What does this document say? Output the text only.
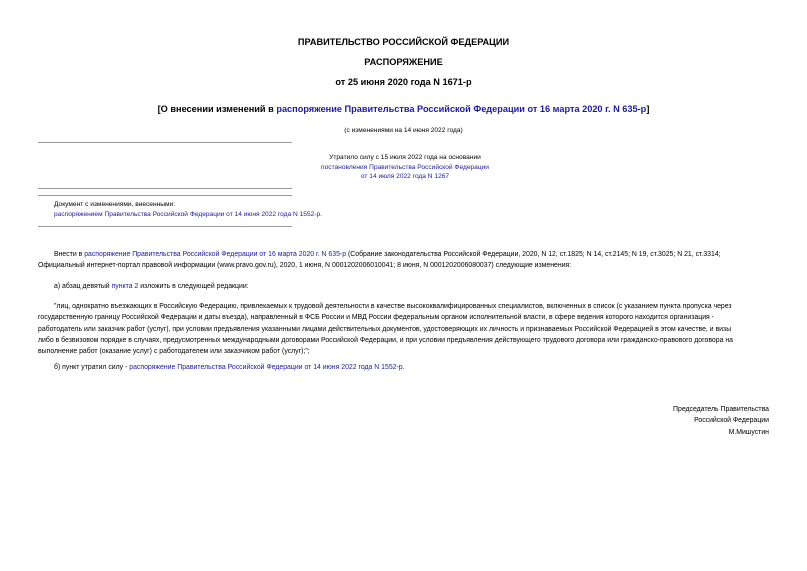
ПРАВИТЕЛЬСТВО РОССИЙСКОЙ ФЕДЕРАЦИИ
РАСПОРЯЖЕНИЕ
от 25 июня 2020 года N 1671-р
[О внесении изменений в распоряжение Правительства Российской Федерации от 16 марта 2020 г. N 635-р]
(с изменениями на 14 июня 2022 года)
Утратило силу с 15 июля 2022 года на основании
постановления Правительства Российской Федерации
от 14 июля 2022 года N 1267
Документ с изменениями, внесенными:
распоряжением Правительства Российской Федерации от 14 июня 2022 года N 1552-р.
Внести в распоряжение Правительства Российской Федерации от 16 марта 2020 г. N 635-р (Собрание законодательства Российской Федерации, 2020, N 12, ст.1825; N 14, ст.2145; N 19, ст.3025; N 21, ст.3314;
Официальный интернет-портал правовой информации (www.pravo.gov.ru), 2020, 1 июня, N 0001202006010041; 8 июня, N 0001202006080037) следующие изменения:
а) абзац девятый пункта 2 изложить в следующей редакции:
"лиц, однократно въезжающих в Российскую Федерацию, привлекаемых к трудовой деятельности в качестве высококвалифицированных специалистов, включенных в список (с указанием пункта пропуска через
государственную границу Российской Федерации и даты въезда), направленный в ФСБ России и МВД России федеральным органом исполнительной власти, в сфере ведения которого находится организация -
работодатель или заказчик работ (услуг), при условии предъявления указанными лицами действительных документов, удостоверяющих их личность и признаваемых Российской Федерацией в этом качестве, и визы
либо в безвизовом порядке в случаях, предусмотренных международными договорами Российской Федерации, и при условии предъявления действующего трудового договора или гражданско-правового договора на
выполнение работ (оказание услуг) с работодателем или заказчиком работ (услуг);";
б) пункт утратил силу - распоряжение Правительства Российской Федерации от 14 июня 2022 года N 1552-р.
Председатель Правительства
Российской Федерации
М.Мишустин
